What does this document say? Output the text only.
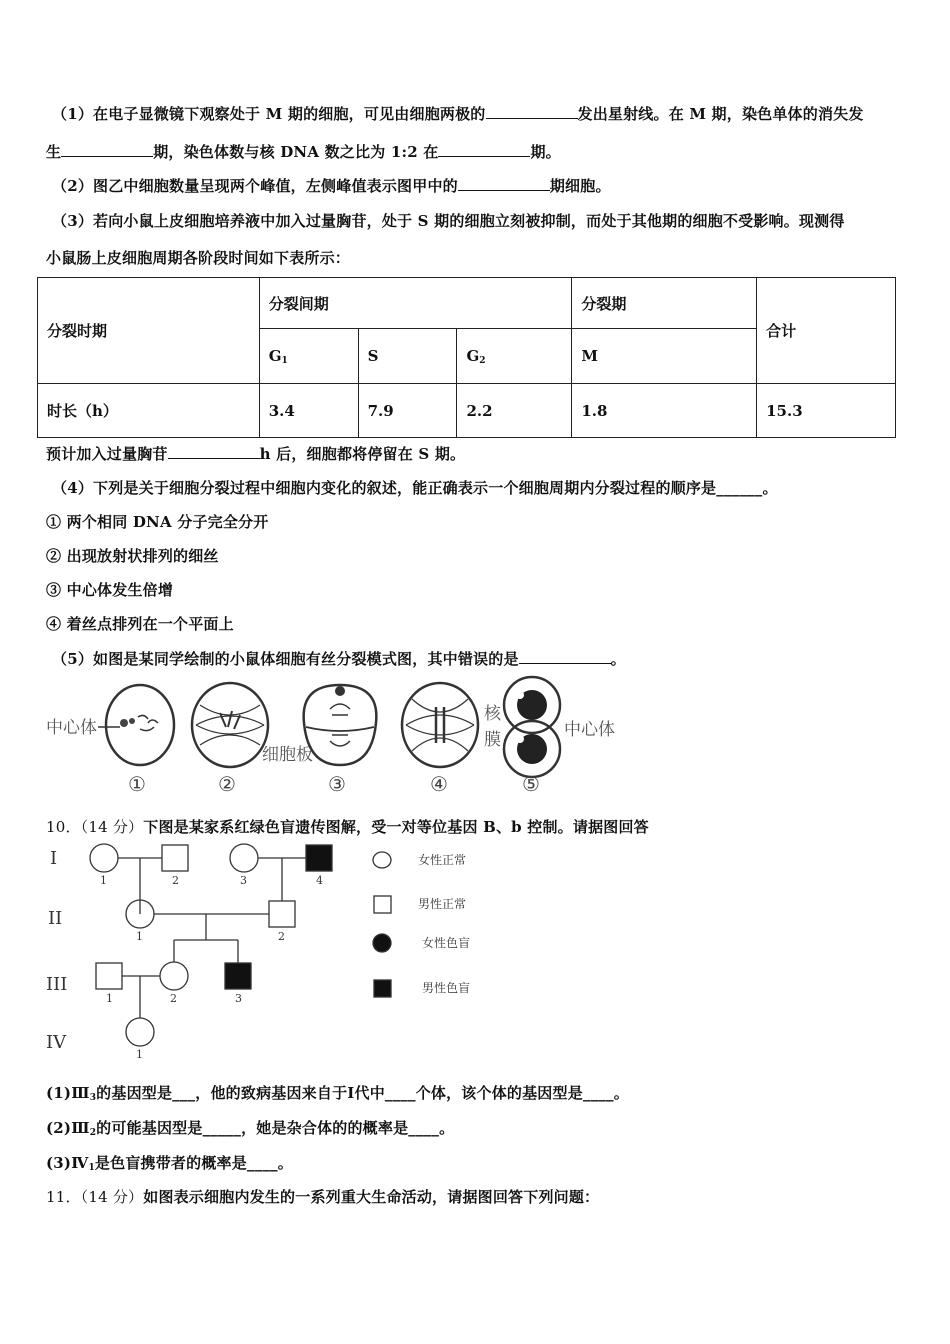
（1）在电子显微镜下观察处于 M 期的细胞，可见由细胞两极的	发出星射线。在 M 期，染色单体的消失发
生	期，染色体数与核 DNA 数之比为 1:2 在	期。
（2）图乙中细胞数量呈现两个峰值，左侧峰值表示图甲中的	期细胞。
（3）若向小鼠上皮细胞培养液中加入过量胸苷，处于 S 期的细胞立刻被抑制，而处于其他期的细胞不受影响。现测得
小鼠肠上皮细胞周期各阶段时间如下表所示：
分裂时期	分裂间期			分裂期	合计
	$G_1$	S	$G_2$	M	
时长（h）	3.4	7.9	2.2	1.8	15.3
预计加入过量胸苷	h 后，细胞都将停留在 S 期。
（4）下列是关于细胞分裂过程中细胞内变化的叙述，能正确表示一个细胞周期内分裂过程的顺序是______。
① 两个相同 DNA 分子完全分开
② 出现放射状排列的细丝
③ 中心体发生倍增
④ 着丝点排列在一个平面上
（5）如图是某同学绘制的小鼠体细胞有丝分裂模式图，其中错误的是	。
中心体
细胞板
核
膜	中心体
①	②	③	④	⑤
10．（14 分）下图是某家系红绿色盲遗传图解，受一对等位基因 B、b 控制。请据图回答
I
II
III
IV
1	2	3	4
1	2
1	2	3
1
女性正常
男性正常
女性色盲
男性色盲
$(1)Ⅲ_3$的基因型是___，他的致病基因来自于Ⅰ代中____个体，该个体的基因型是____。
$(2)Ⅲ_2$的可能基因型是_____，她是杂合体的的概率是____。
$(3)Ⅳ_1$是色盲携带者的概率是____。
11．（14 分）如图表示细胞内发生的一系列重大生命活动，请据图回答下列问题：
